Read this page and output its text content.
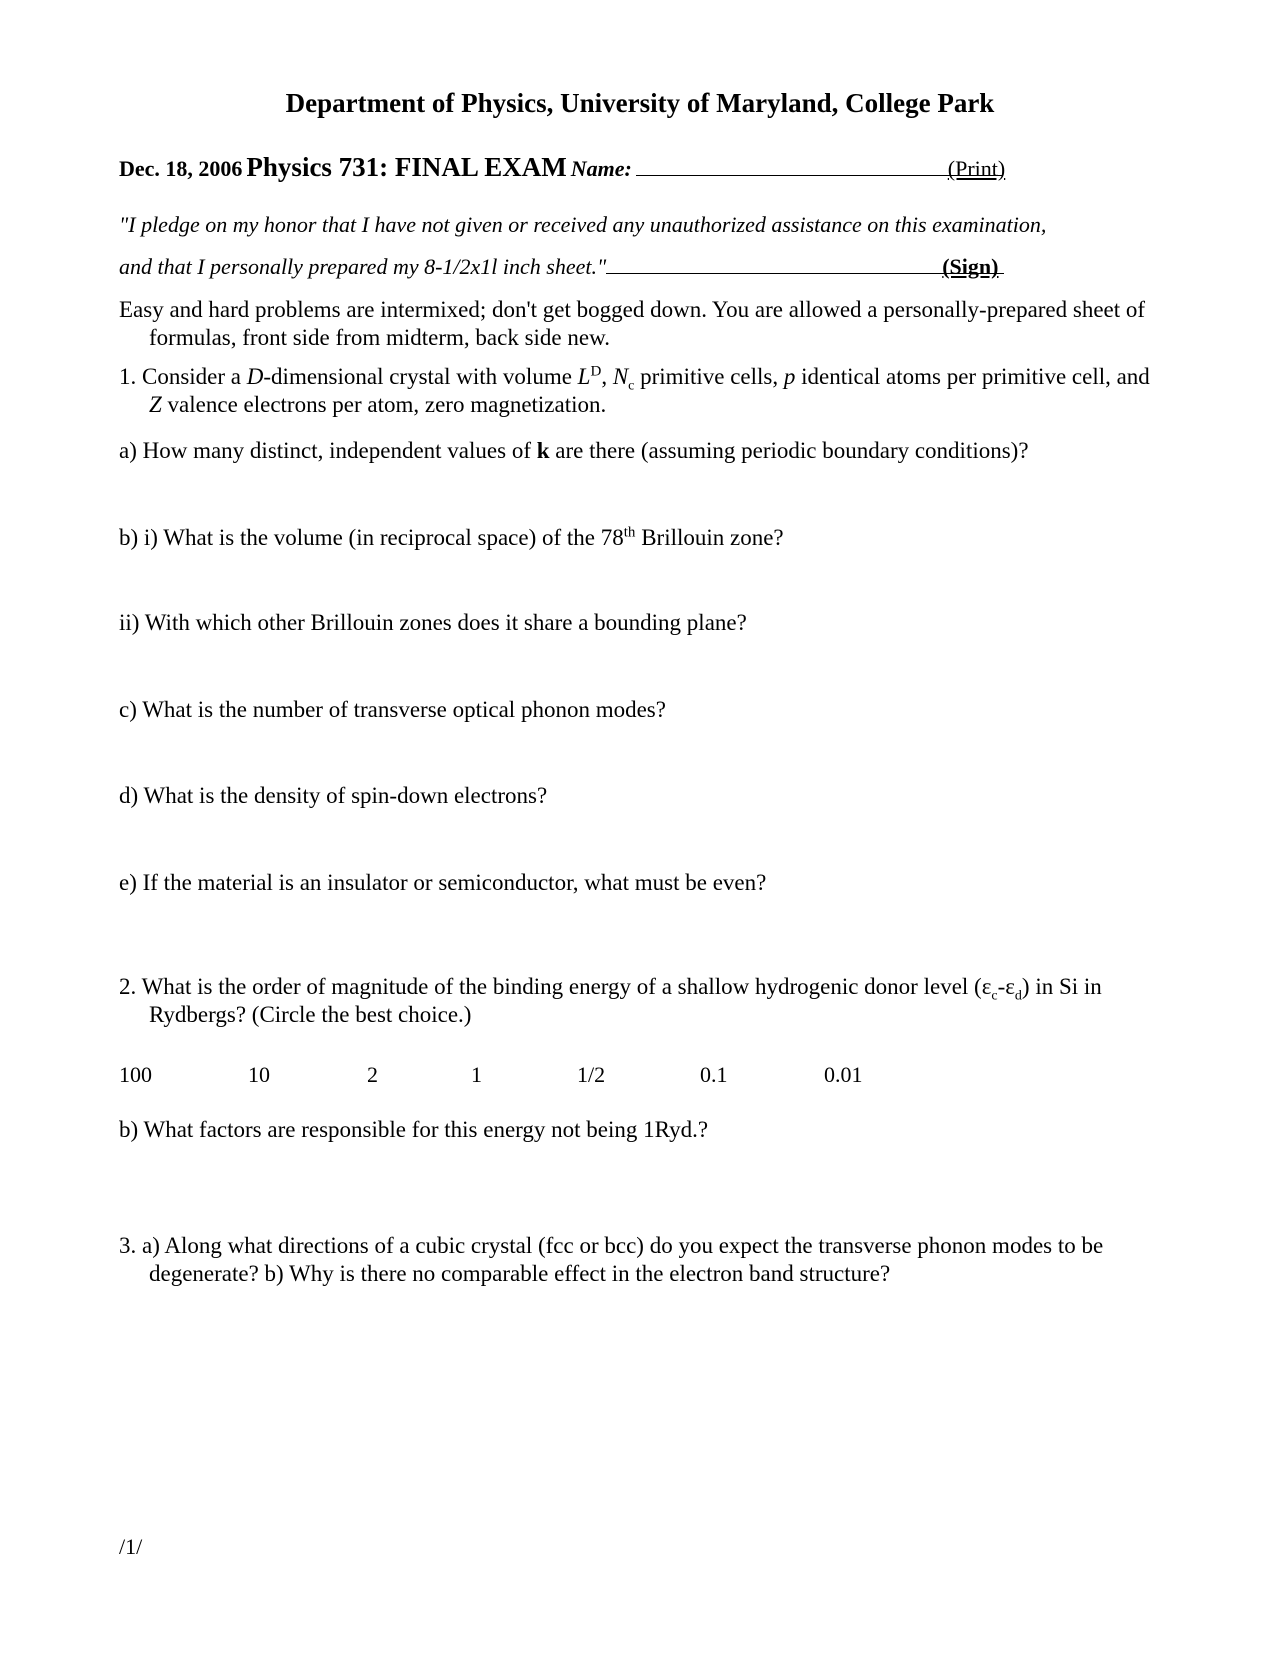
Department of Physics, University of Maryland, College Park
Dec. 18, 2006 Physics 731: FINAL EXAM Name:	(Print)
"I pledge on my honor that I have not given or received any unauthorized assistance on this examination,
and that I personally prepared my 8-1/2x1l inch sheet."	(Sign)
Easy and hard problems are intermixed; don't get bogged down. You are allowed a personally-prepared sheet of
formulas, front side from midterm, back side new.
1. Consider a D-dimensional crystal with volume $L^D$, $N_c$ primitive cells, p identical atoms per primitive cell, and
Z valence electrons per atom, zero magnetization.
a) How many distinct, independent values of k are there (assuming periodic boundary conditions)?
b) i) What is the volume (in reciprocal space) of the 78th Brillouin zone?
ii) With which other Brillouin zones does it share a bounding plane?
c) What is the number of transverse optical phonon modes?
d) What is the density of spin-down electrons?
e) If the material is an insulator or semiconductor, what must be even?
2. What is the order of magnitude of the binding energy of a shallow hydrogenic donor level $(\varepsilon_c-\varepsilon_d)$ in Si in
Rydbergs? (Circle the best choice.)
100	10	2	1	1/2	0.1	0.01
b) What factors are responsible for this energy not being 1Ryd.?
3. a) Along what directions of a cubic crystal (fcc or bcc) do you expect the transverse phonon modes to be
degenerate? b) Why is there no comparable effect in the electron band structure?
/1/
